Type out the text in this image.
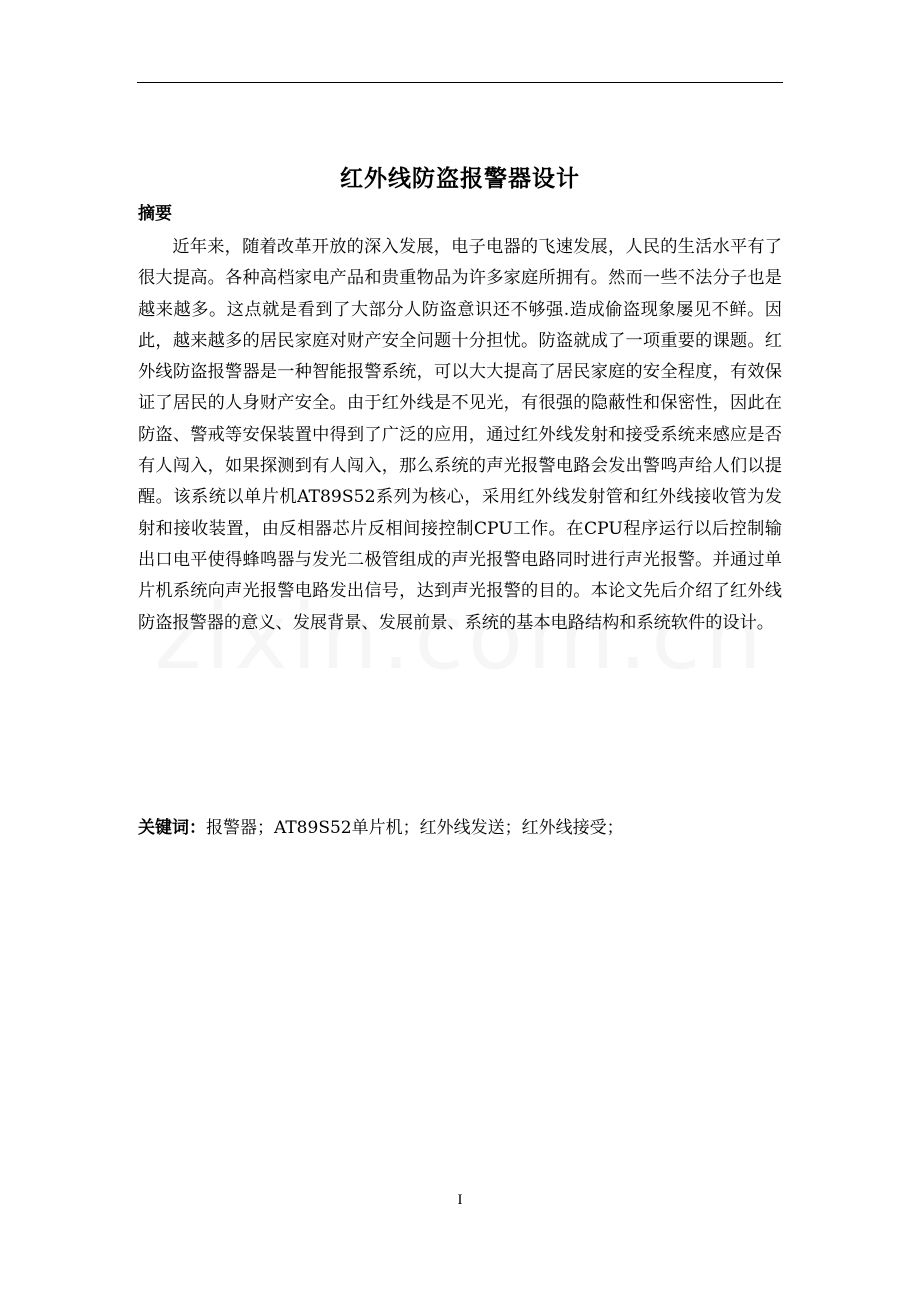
红外线防盗报警器设计
摘要

近年来，随着改革开放的深入发展，电子电器的飞速发展，人民的生活水平有了很大提高。各种高档家电产品和贵重物品为许多家庭所拥有。然而一些不法分子也是越来越多。这点就是看到了大部分人防盗意识还不够强.造成偷盗现象屡见不鲜。因此，越来越多的居民家庭对财产安全问题十分担忧。防盗就成了一项重要的课题。红外线防盗报警器是一种智能报警系统，可以大大提高了居民家庭的安全程度，有效保证了居民的人身财产安全。由于红外线是不见光，有很强的隐蔽性和保密性，因此在防盗、警戒等安保装置中得到了广泛的应用，通过红外线发射和接受系统来感应是否有人闯入，如果探测到有人闯入，那么系统的声光报警电路会发出警鸣声给人们以提醒。该系统以单片机AT89S52系列为核心，采用红外线发射管和红外线接收管为发射和接收装置，由反相器芯片反相间接控制CPU工作。在CPU程序运行以后控制输出口电平使得蜂鸣器与发光二极管组成的声光报警电路同时进行声光报警。并通过单片机系统向声光报警电路发出信号，达到声光报警的目的。本论文先后介绍了红外线防盗报警器的意义、发展背景、发展前景、系统的基本电路结构和系统软件的设计。

关键词：报警器；AT89S52单片机；红外线发送；红外线接受；
I
